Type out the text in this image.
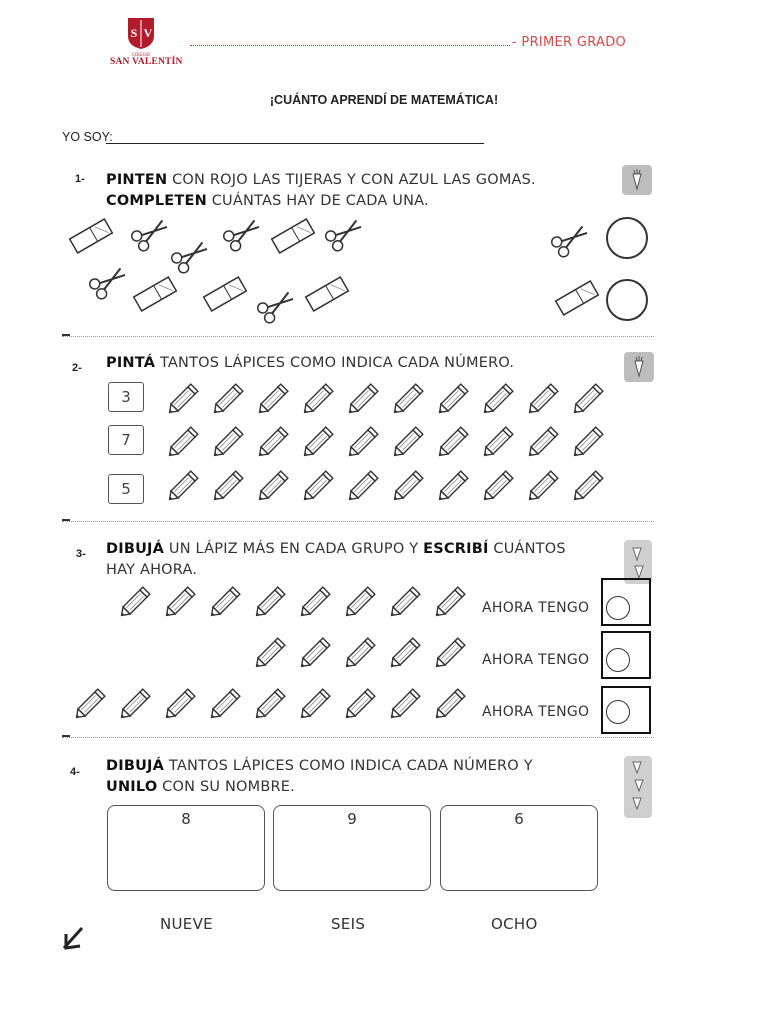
S V
COLEGIO
SAN VALENTÍN
- PRIMER GRADO
¡CUÁNTO APRENDÍ DE MATEMÁTICA!
YO SOY:
1- PINTEN CON ROJO LAS TIJERAS Y CON AZUL LAS GOMAS.
COMPLETEN CUÁNTAS HAY DE CADA UNA.
2- PINTÁ TANTOS LÁPICES COMO INDICA CADA NÚMERO.
3
7
5
3- DIBUJÁ UN LÁPIZ MÁS EN CADA GRUPO Y ESCRIBÍ CUÁNTOS
HAY AHORA.
AHORA TENGO
AHORA TENGO
AHORA TENGO
4- DIBUJÁ TANTOS LÁPICES COMO INDICA CADA NÚMERO Y
UNILO CON SU NOMBRE.
8	9	6
NUEVE	SEIS	OCHO
